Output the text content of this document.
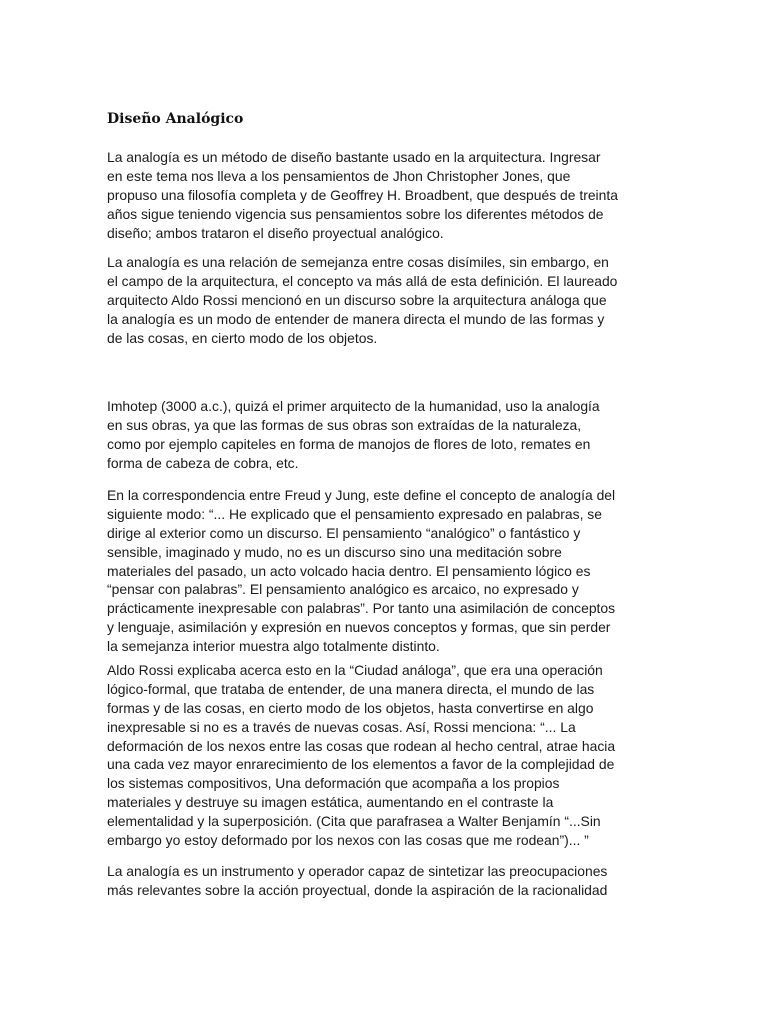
Diseño Analógico

La analogía es un método de diseño bastante usado en la arquitectura. Ingresar
en este tema nos lleva a los pensamientos de Jhon Christopher Jones, que
propuso una filosofía completa y de Geoffrey H. Broadbent, que después de treinta
años sigue teniendo vigencia sus pensamientos sobre los diferentes métodos de
diseño; ambos trataron el diseño proyectual analógico.

La analogía es una relación de semejanza entre cosas disímiles, sin embargo, en
el campo de la arquitectura, el concepto va más allá de esta definición. El laureado
arquitecto Aldo Rossi mencionó en un discurso sobre la arquitectura análoga que
la analogía es un modo de entender de manera directa el mundo de las formas y
de las cosas, en cierto modo de los objetos.

Imhotep (3000 a.c.), quizá el primer arquitecto de la humanidad, uso la analogía
en sus obras, ya que las formas de sus obras son extraídas de la naturaleza,
como por ejemplo capiteles en forma de manojos de flores de loto, remates en
forma de cabeza de cobra, etc.

En la correspondencia entre Freud y Jung, este define el concepto de analogía del
siguiente modo: “... He explicado que el pensamiento expresado en palabras, se
dirige al exterior como un discurso. El pensamiento “analógico” o fantástico y
sensible, imaginado y mudo, no es un discurso sino una meditación sobre
materiales del pasado, un acto volcado hacia dentro. El pensamiento lógico es
“pensar con palabras”. El pensamiento analógico es arcaico, no expresado y
prácticamente inexpresable con palabras”. Por tanto una asimilación de conceptos
y lenguaje, asimilación y expresión en nuevos conceptos y formas, que sin perder
la semejanza interior muestra algo totalmente distinto.

Aldo Rossi explicaba acerca esto en la “Ciudad análoga”, que era una operación
lógico-formal, que trataba de entender, de una manera directa, el mundo de las
formas y de las cosas, en cierto modo de los objetos, hasta convertirse en algo
inexpresable si no es a través de nuevas cosas. Así, Rossi menciona: “... La
deformación de los nexos entre las cosas que rodean al hecho central, atrae hacia
una cada vez mayor enrarecimiento de los elementos a favor de la complejidad de
los sistemas compositivos, Una deformación que acompaña a los propios
materiales y destruye su imagen estática, aumentando en el contraste la
elementalidad y la superposición. (Cita que parafrasea a Walter Benjamín “...Sin
embargo yo estoy deformado por los nexos con las cosas que me rodean”)... ”

La analogía es un instrumento y operador capaz de sintetizar las preocupaciones
más relevantes sobre la acción proyectual, donde la aspiración de la racionalidad
